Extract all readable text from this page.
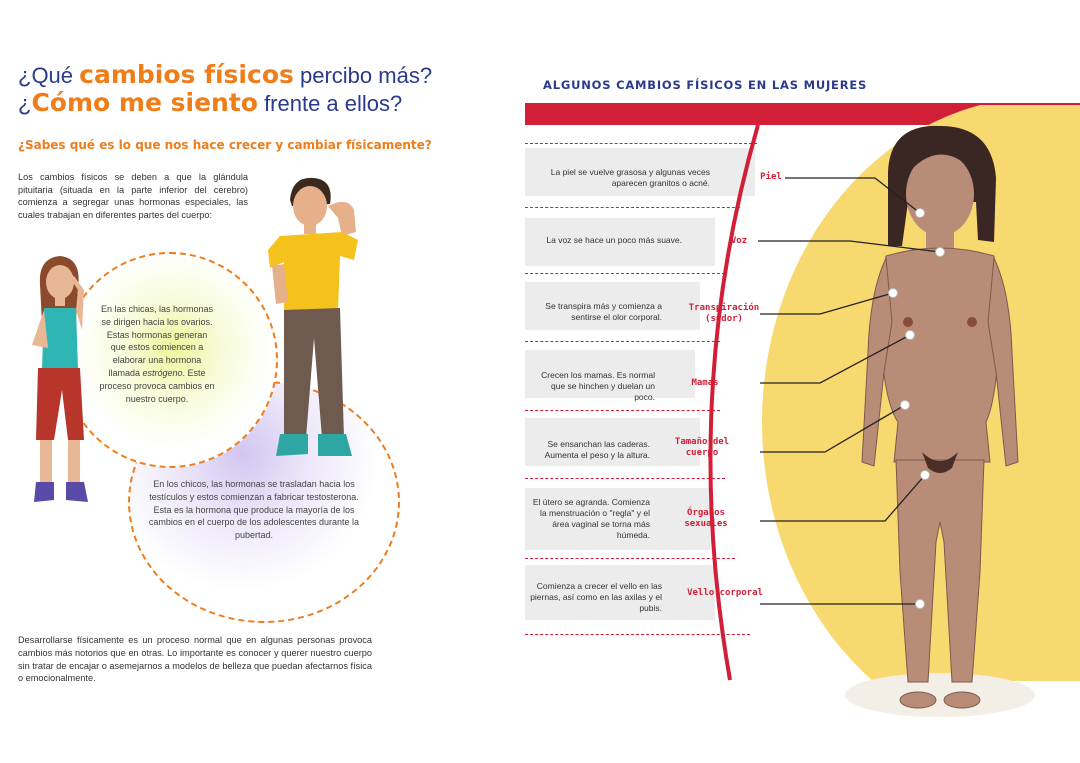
¿Qué cambios físicos percibo más?
¿Cómo me siento frente a ellos?
¿Sabes qué es lo que nos hace crecer y cambiar físicamente?
Los cambios físicos se deben a que la glándula pituitaria (situada en la parte inferior del cerebro) comienza a segregar unas hormonas especiales, las cuales trabajan en diferentes partes del cuerpo:
En las chicas, las hormonas se dirigen hacia los ovarios. Estas hormonas generan que estos comiencen a elaborar una hormona llamada estrógeno. Este proceso provoca cambios en nuestro cuerpo.
En los chicos, las hormonas se trasladan hacia los testículos y estos comienzan a fabricar testosterona. Esta es la hormona que produce la mayoría de los cambios en el cuerpo de los adolescentes durante la pubertad.
Desarrollarse físicamente es un proceso normal que en algunas personas provoca cambios más notorios que en otras. Lo importante es conocer y querer nuestro cuerpo sin tratar de encajar o asemejarnos a modelos de belleza que puedan afectarnos física o emocionalmente.
ALGUNOS CAMBIOS FÍSICOS EN LAS MUJERES
La piel se vuelve grasosa y algunas veces aparecen granitos o acné.
La voz se hace un poco más suave.
Se transpira más y comienza a sentirse el olor corporal.
Crecen los mamas. Es normal que se hinchen y duelan un poco.
Se ensanchan las caderas. Aumenta el peso y la altura.
El útero se agranda. Comienza la menstruación o "regla" y el área vaginal se torna más húmeda.
Comienza a crecer el vello en las piernas, así como en las axilas y el pubis.
Piel
Voz
Transpiración (sudor)
Mamas
Tamaño del cuerpo
Órganos sexuales
Vello corporal
